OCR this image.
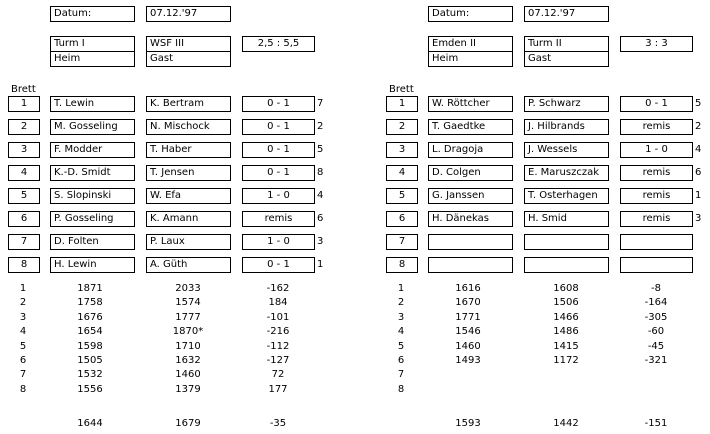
Datum:	07.12.'97
Turm I	WSF III	2,5 : 5,5
Heim	Gast
Brett
Datum:	07.12.'97
Emden II	Turm II	3 : 3
Heim	Gast
Brett
1	T. Lewin	K. Bertram	0 - 1	7
2	M. Gosseling	N. Mischock	0 - 1	2
3	F. Modder	T. Haber	0 - 1	5
4	K.-D. Smidt	T. Jensen	0 - 1	8
5	S. Slopinski	W. Efa	1 - 0	4
6	P. Gosseling	K. Amann	remis	6
7	D. Folten	P. Laux	1 - 0	3
8	H. Lewin	A. Güth	0 - 1	1
1	W. Röttcher	P. Schwarz	0 - 1	5
2	T. Gaedtke	J. Hilbrands	remis	2
3	L. Dragoja	J. Wessels	1 - 0	4
4	D. Colgen	E. Maruszczak	remis	6
5	G. Janssen	T. Osterhagen	remis	1
6	H. Dänekas	H. Smid	remis	3
7
8
1	1871	2033	-162
2	1758	1574	184
3	1676	1777	-101
4	1654	1870*	-216
5	1598	1710	-112
6	1505	1632	-127
7	1532	1460	72
8	1556	1379	177
1644	1679	-35
1	1616	1608	-8
2	1670	1506	-164
3	1771	1466	-305
4	1546	1486	-60
5	1460	1415	-45
6	1493	1172	-321
7
8
1593	1442	-151
